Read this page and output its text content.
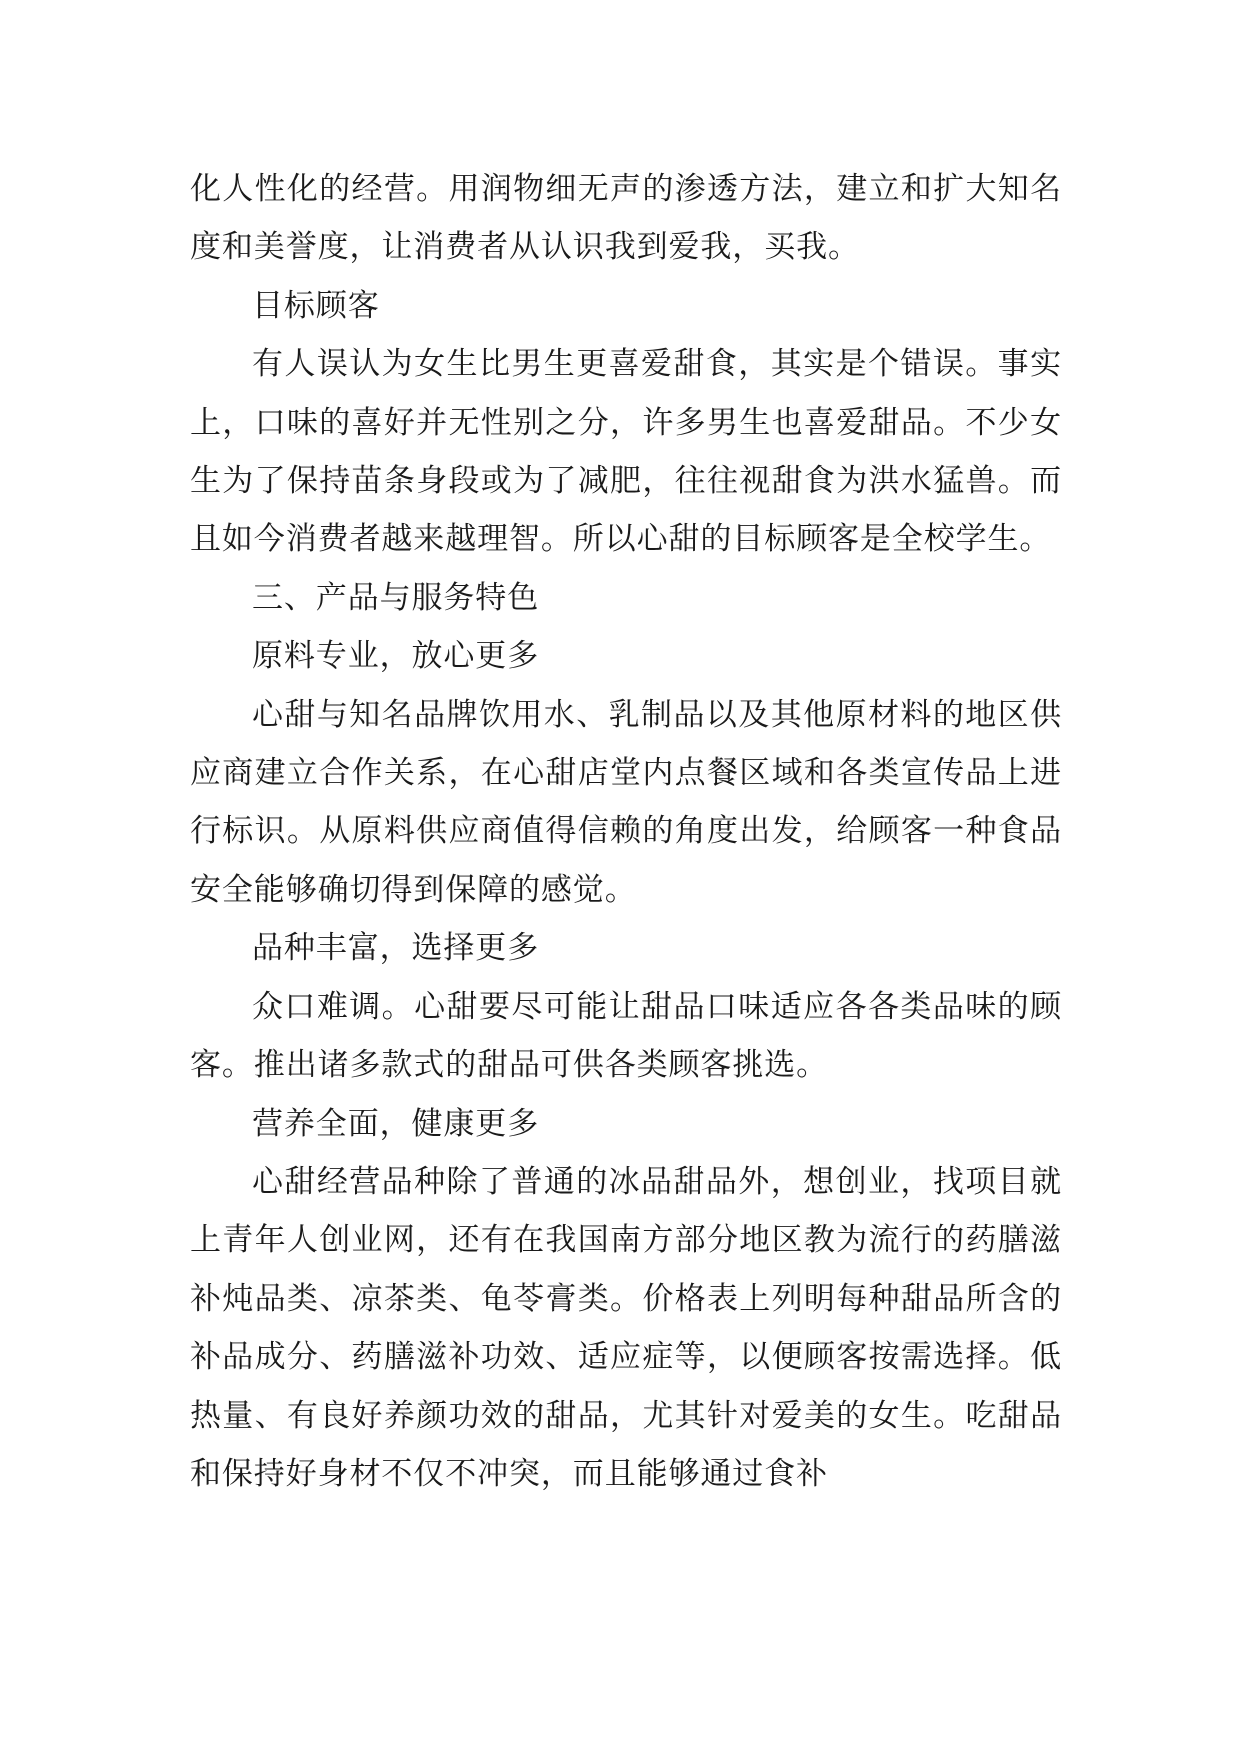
化人性化的经营。用润物细无声的渗透方法，建立和扩大知名度和美誉度，让消费者从认识我到爱我，买我。

目标顾客

有人误认为女生比男生更喜爱甜食，其实是个错误。事实上，口味的喜好并无性别之分，许多男生也喜爱甜品。不少女生为了保持苗条身段或为了减肥，往往视甜食为洪水猛兽。而且如今消费者越来越理智。所以心甜的目标顾客是全校学生。

三、产品与服务特色

原料专业，放心更多

心甜与知名品牌饮用水、乳制品以及其他原材料的地区供应商建立合作关系，在心甜店堂内点餐区域和各类宣传品上进行标识。从原料供应商值得信赖的角度出发，给顾客一种食品安全能够确切得到保障的感觉。

品种丰富，选择更多

众口难调。心甜要尽可能让甜品口味适应各各类品味的顾客。推出诸多款式的甜品可供各类顾客挑选。

营养全面，健康更多

心甜经营品种除了普通的冰品甜品外，想创业，找项目就上青年人创业网，还有在我国南方部分地区教为流行的药膳滋补炖品类、凉茶类、龟苓膏类。价格表上列明每种甜品所含的补品成分、药膳滋补功效、适应症等，以便顾客按需选择。低热量、有良好养颜功效的甜品，尤其针对爱美的女生。吃甜品和保持好身材不仅不冲突，而且能够通过食补
